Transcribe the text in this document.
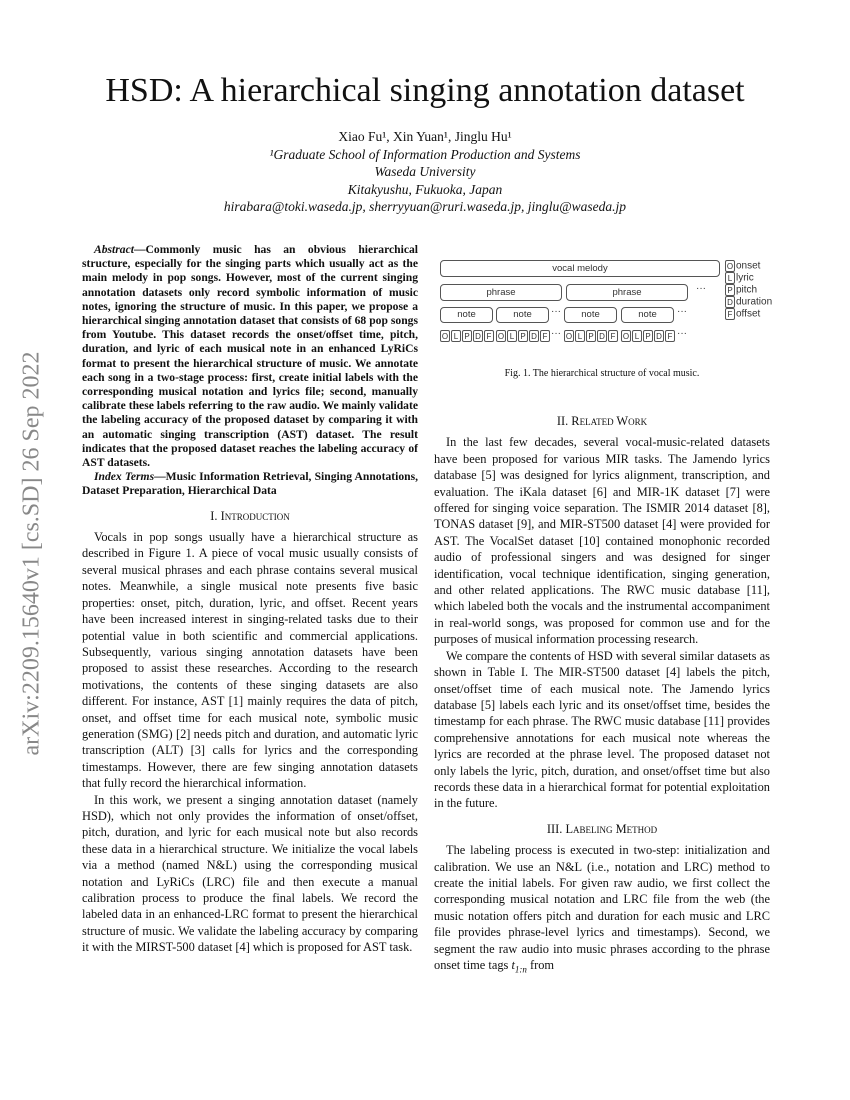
arXiv:2209.15640v1 [cs.SD] 26 Sep 2022
HSD: A hierarchical singing annotation dataset
Xiao Fu¹, Xin Yuan¹, Jinglu Hu¹
¹Graduate School of Information Production and Systems
Waseda University
Kitakyushu, Fukuoka, Japan
hirabara@toki.waseda.jp, sherryyuan@ruri.waseda.jp, jinglu@waseda.jp

Abstract—Commonly music has an obvious hierarchical structure, especially for the singing parts which usually act as the main melody in pop songs. However, most of the current singing annotation datasets only record symbolic information of music notes, ignoring the structure of music. In this paper, we propose a hierarchical singing annotation dataset that consists of 68 pop songs from Youtube. This dataset records the onset/offset time, pitch, duration, and lyric of each musical note in an enhanced LyRiCs format to present the hierarchical structure of music. We annotate each song in a two-stage process: first, create initial labels with the corresponding musical notation and lyrics file; second, manually calibrate these labels referring to the raw audio. We mainly validate the labeling accuracy of the proposed dataset by comparing it with an automatic singing transcription (AST) dataset. The result indicates that the proposed dataset reaches the labeling accuracy of AST datasets.

Index Terms—Music Information Retrieval, Singing Annotations, Dataset Preparation, Hierarchical Data

I. Introduction

Vocals in pop songs usually have a hierarchical structure as described in Figure 1. A piece of vocal music usually consists of several musical phrases and each phrase contains several musical notes. Meanwhile, a single musical note presents five basic properties: onset, pitch, duration, lyric, and offset. Recent years have been increased interest in singing-related tasks due to their potential value in both scientific and commercial applications. Subsequently, various singing annotation datasets have been proposed to assist these researches. According to the research motivations, the contents of these singing datasets are also different. For instance, AST [1] mainly requires the data of pitch, onset, and offset time for each musical note, symbolic music generation (SMG) [2] needs pitch and duration, and automatic lyric transcription (ALT) [3] calls for lyrics and the corresponding timestamps. However, there are few singing annotation datasets that fully record the hierarchical information.

In this work, we present a singing annotation dataset (namely HSD), which not only provides the information of onset/offset, pitch, duration, and lyric for each musical note but also records these data in a hierarchical structure. We initialize the vocal labels via a method (named N&L) using the corresponding musical notation and LyRiCs (LRC) file and then execute a manual calibration process to produce the final labels. We record the labeled data in an enhanced-LRC format to present the hierarchical structure of music. We validate the labeling accuracy by comparing it with the MIRST-500 dataset [4] which is proposed for AST task.

vocal melody
phrase	phrase	···
note	note	···	note	note	···
···
···
O onset
L lyric
P pitch
D duration
F offset
O L P D F O L P D F	O L P D F O L P D F
Fig. 1. The hierarchical structure of vocal music.
II. Related Work

In the last few decades, several vocal-music-related datasets have been proposed for various MIR tasks. The Jamendo lyrics database [5] was designed for lyrics alignment, transcription, and evaluation. The iKala dataset [6] and MIR-1K dataset [7] were offered for singing voice separation. The ISMIR 2014 dataset [8], TONAS dataset [9], and MIR-ST500 dataset [4] were provided for AST. The VocalSet dataset [10] contained monophonic recorded audio of professional singers and was designed for singer identification, vocal technique identification, singing generation, and other related applications. The RWC music database [11], which labeled both the vocals and the instrumental accompaniment in real-world songs, was proposed for common use and for the purposes of musical information processing research.

We compare the contents of HSD with several similar datasets as shown in Table I. The MIR-ST500 dataset [4] labels the pitch, onset/offset time of each musical note. The Jamendo lyrics database [5] labels each lyric and its onset/offset time, besides the timestamp for each phrase. The RWC music database [11] provides comprehensive annotations for each musical note whereas the lyrics are recorded at the phrase level. The proposed dataset not only labels the lyric, pitch, duration, and onset/offset time but also records these data in a hierarchical format for potential exploitation in the future.

III. Labeling Method

The labeling process is executed in two-step: initialization and calibration. We use an N&L (i.e., notation and LRC) method to create the initial labels. For given raw audio, we first collect the corresponding musical notation and LRC file from the web (the music notation offers pitch and duration for each music and LRC file provides phrase-level lyrics and timestamps). Second, we segment the raw audio into music phrases according to the phrase onset time tags $t_{1:n}$ from
